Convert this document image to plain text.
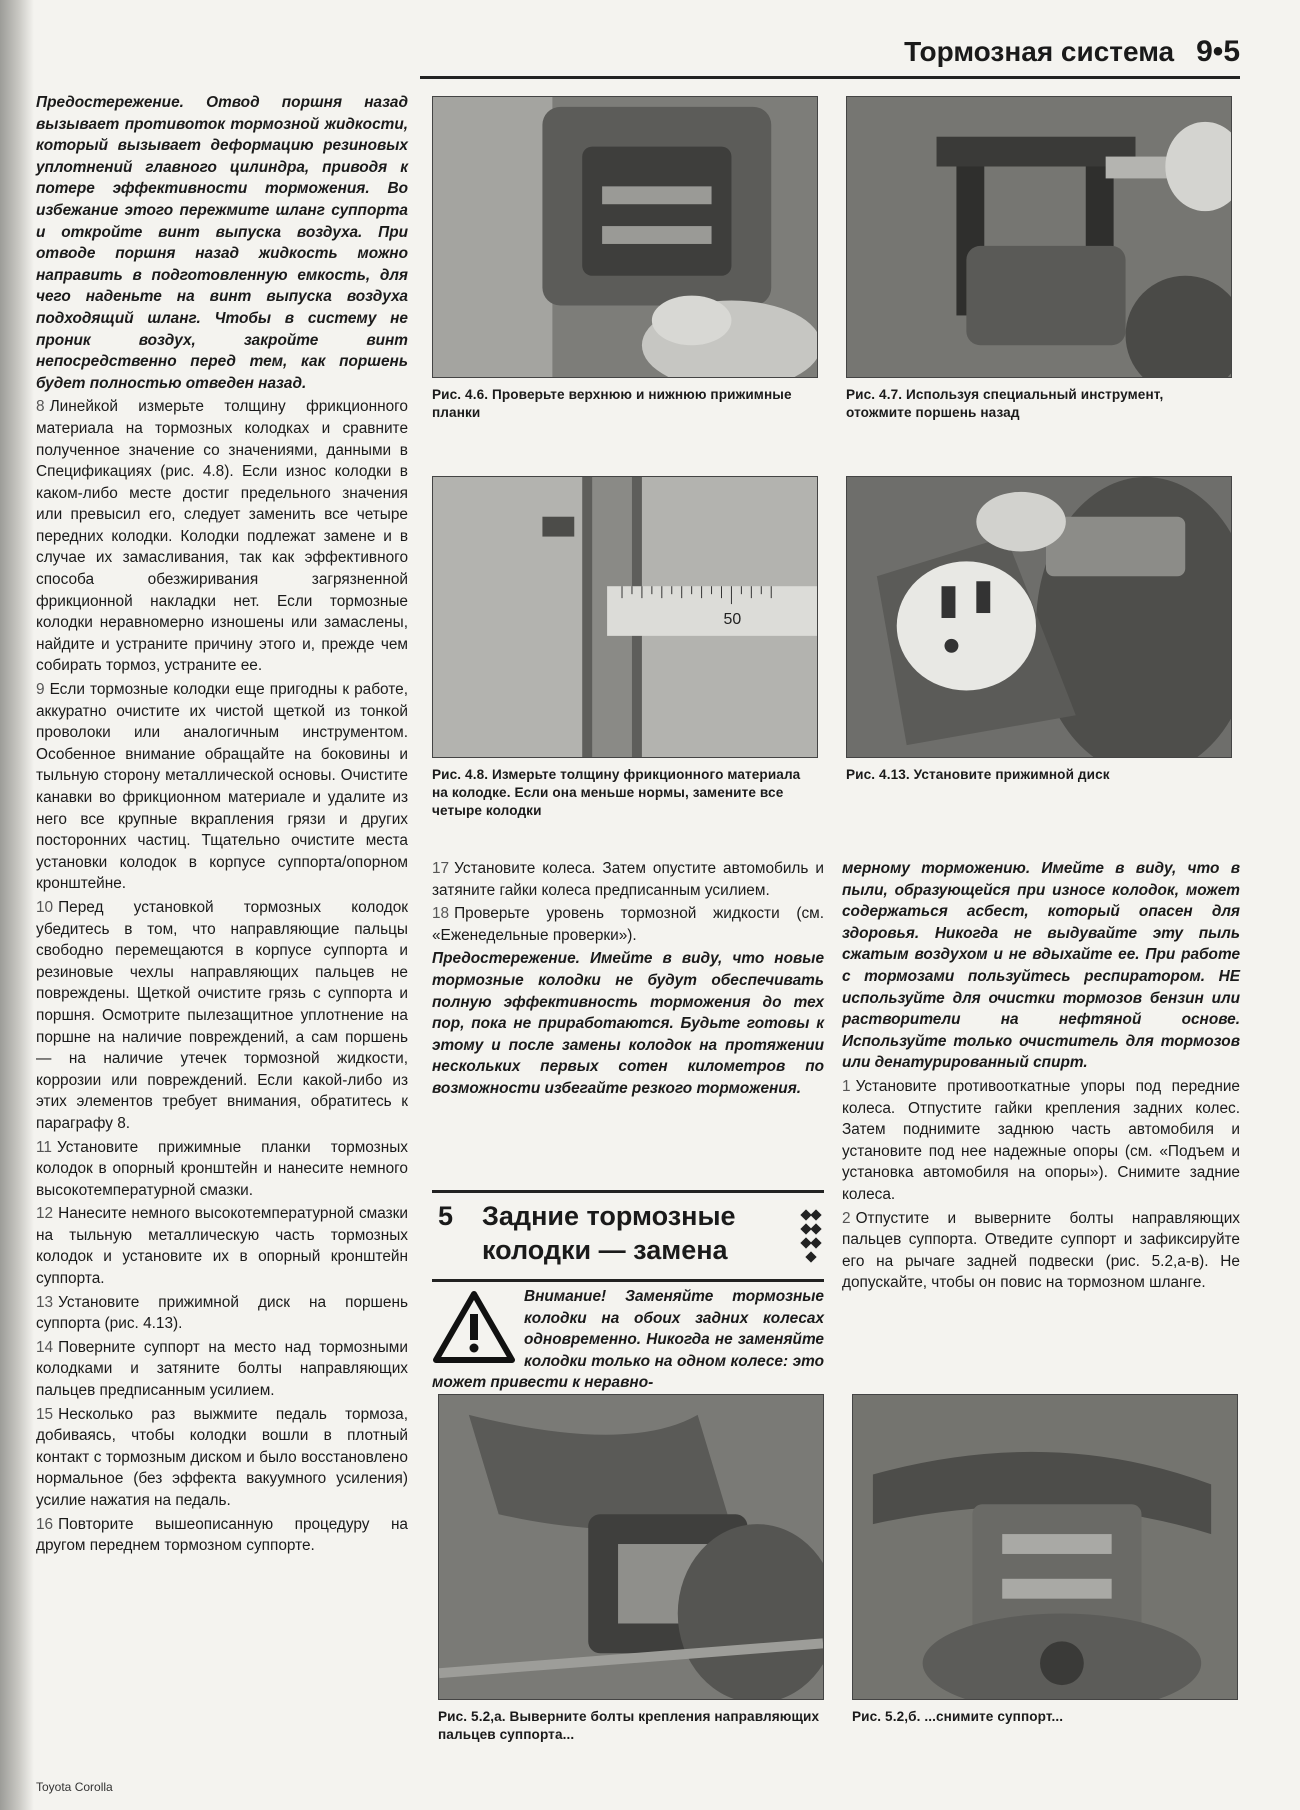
Тормозная система 9•5

Предостережение. Отвод поршня назад вызывает противоток тормозной жидкости, который вызывает деформацию резиновых уплотнений главного цилиндра, приводя к потере эффективности торможения. Во избежание этого пережмите шланг суппорта и откройте винт выпуска воздуха. При отводе поршня назад жидкость можно направить в подготовленную емкость, для чего наденьте на винт выпуска воздуха подходящий шланг. Чтобы в систему не проник воздух, закройте винт непосредственно перед тем, как поршень будет полностью отведен назад.

8 Линейкой измерьте толщину фрикционного материала на тормозных колодках и сравните полученное значение со значениями, данными в Спецификациях (рис. 4.8). Если износ колодки в каком-либо месте достиг предельного значения или превысил его, следует заменить все четыре передних колодки. Колодки подлежат замене и в случае их замасливания, так как эффективного способа обезжиривания загрязненной фрикционной накладки нет. Если тормозные колодки неравномерно изношены или замаслены, найдите и устраните причину этого и, прежде чем собирать тормоз, устраните ее.

9 Если тормозные колодки еще пригодны к работе, аккуратно очистите их чистой щеткой из тонкой проволоки или аналогичным инструментом. Особенное внимание обращайте на боковины и тыльную сторону металлической основы. Очистите канавки во фрикционном материале и удалите из него все крупные вкрапления грязи и других посторонних частиц. Тщательно очистите места установки колодок в корпусе суппорта/опорном кронштейне.

10 Перед установкой тормозных колодок убедитесь в том, что направляющие пальцы свободно перемещаются в корпусе суппорта и резиновые чехлы направляющих пальцев не повреждены. Щеткой очистите грязь с суппорта и поршня. Осмотрите пылезащитное уплотнение на поршне на наличие повреждений, а сам поршень — на наличие утечек тормозной жидкости, коррозии или повреждений. Если какой-либо из этих элементов требует внимания, обратитесь к параграфу 8.

11 Установите прижимные планки тормозных колодок в опорный кронштейн и нанесите немного высокотемпературной смазки.

12 Нанесите немного высокотемпературной смазки на тыльную металлическую часть тормозных колодок и установите их в опорный кронштейн суппорта.

13 Установите прижимной диск на поршень суппорта (рис. 4.13).

14 Поверните суппорт на место над тормозными колодками и затяните болты направляющих пальцев предписанным усилием.

15 Несколько раз выжмите педаль тормоза, добиваясь, чтобы колодки вошли в плотный контакт с тормозным диском и было восстановлено нормальное (без эффекта вакуумного усиления) усилие нажатия на педаль.

16 Повторите вышеописанную процедуру на другом переднем тормозном суппорте.

Рис. 4.6. Проверьте верхнюю и нижнюю прижимные планки
Рис. 4.7. Используя специальный инструмент, отожмите поршень назад
50
Рис. 4.8. Измерьте толщину фрикционного материала на колодке. Если она меньше нормы, замените все четыре колодки
Рис. 4.13. Установите прижимной диск

17 Установите колеса. Затем опустите автомобиль и затяните гайки колеса предписанным усилием.

18 Проверьте уровень тормозной жидкости (см. «Еженедельные проверки»).

Предостережение. Имейте в виду, что новые тормозные колодки не будут обеспечивать полную эффективность торможения до тех пор, пока не приработаются. Будьте готовы к этому и после замены колодок на протяжении нескольких первых сотен километров по возможности избегайте резкого торможения.

5	Задние тормозные колодки — замена

Внимание! Заменяйте тормозные колодки на обоих задних колесах одновременно. Никогда не заменяйте колодки только на одном колесе: это может привести к неравно-

мерному торможению. Имейте в виду, что в пыли, образующейся при износе колодок, может содержаться асбест, который опасен для здоровья. Никогда не выдувайте эту пыль сжатым воздухом и не вдыхайте ее. При работе с тормозами пользуйтесь респиратором. НЕ используйте для очистки тормозов бензин или растворители на нефтяной основе. Используйте только очиститель для тормозов или денатурированный спирт.

1 Установите противооткатные упоры под передние колеса. Отпустите гайки крепления задних колес. Затем поднимите заднюю часть автомобиля и установите под нее надежные опоры (см. «Подъем и установка автомобиля на опоры»). Снимите задние колеса.

2 Отпустите и выверните болты направляющих пальцев суппорта. Отведите суппорт и зафиксируйте его на рычаге задней подвески (рис. 5.2,а-в). Не допускайте, чтобы он повис на тормозном шланге.

Рис. 5.2,а. Выверните болты крепления направляющих пальцев суппорта...
Рис. 5.2,б. ...снимите суппорт...
Toyota Corolla
